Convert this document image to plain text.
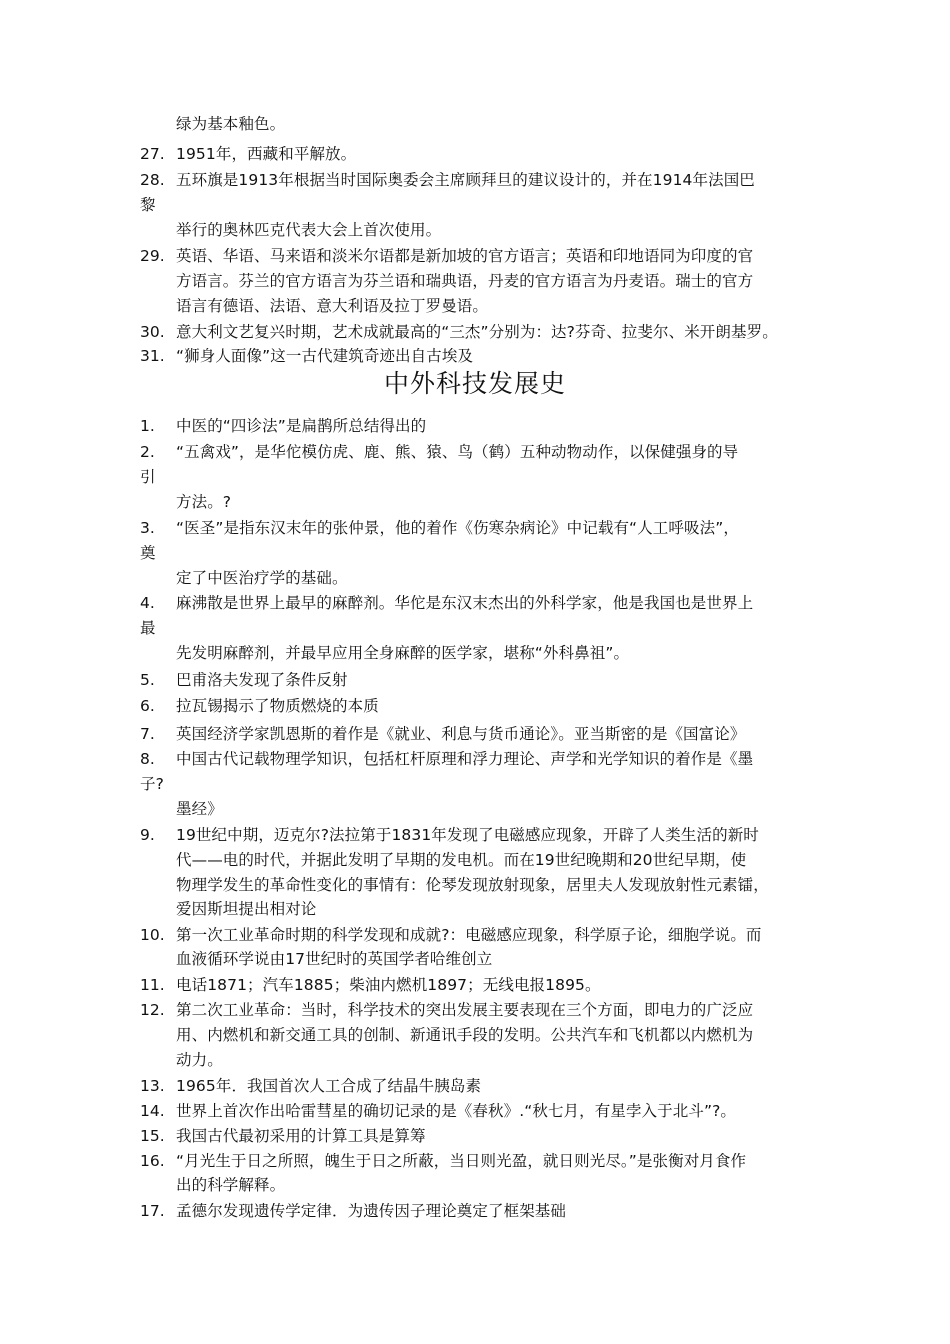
绿为基本釉色。
27. 1951年，西藏和平解放。
28. 五环旗是1913年根据当时国际奥委会主席顾拜旦的建议设计的，并在1914年法国巴
黎
举行的奥林匹克代表大会上首次使用。
29. 英语、华语、马来语和淡米尔语都是新加坡的官方语言；英语和印地语同为印度的官
方语言。芬兰的官方语言为芬兰语和瑞典语，丹麦的官方语言为丹麦语。瑞士的官方
语言有德语、法语、意大利语及拉丁罗曼语。
30. 意大利文艺复兴时期，艺术成就最高的“三杰”分别为：达?芬奇、拉斐尔、米开朗基罗。
31. “狮身人面像”这一古代建筑奇迹出自古埃及
中外科技发展史
1. 中医的“四诊法”是扁鹊所总结得出的
2. “五禽戏”，是华佗模仿虎、鹿、熊、猿、鸟（鹤）五种动物动作，以保健强身的导
引
方法。?
3. “医圣”是指东汉末年的张仲景，他的着作《伤寒杂病论》中记载有“人工呼吸法”，
奠
定了中医治疗学的基础。
4. 麻沸散是世界上最早的麻醉剂。华佗是东汉末杰出的外科学家，他是我国也是世界上
最
先发明麻醉剂，并最早应用全身麻醉的医学家，堪称“外科鼻祖”。
5. 巴甫洛夫发现了条件反射
6. 拉瓦锡揭示了物质燃烧的本质
7. 英国经济学家凯恩斯的着作是《就业、利息与货币通论》。亚当斯密的是《国富论》
8. 中国古代记载物理学知识，包括杠杆原理和浮力理论、声学和光学知识的着作是《墨
子?
墨经》
9. 19世纪中期，迈克尔?法拉第于1831年发现了电磁感应现象，开辟了人类生活的新时
代——电的时代，并据此发明了早期的发电机。而在19世纪晚期和20世纪早期，使
物理学发生的革命性变化的事情有：伦琴发现放射现象，居里夫人发现放射性元素镭，
爱因斯坦提出相对论
10. 第一次工业革命时期的科学发现和成就?：电磁感应现象，科学原子论，细胞学说。而
血液循环学说由17世纪时的英国学者哈维创立
11. 电话1871；汽车1885；柴油内燃机1897；无线电报1895。
12. 第二次工业革命：当时，科学技术的突出发展主要表现在三个方面，即电力的广泛应
用、内燃机和新交通工具的创制、新通讯手段的发明。公共汽车和飞机都以内燃机为
动力。
13. 1965年．我国首次人工合成了结晶牛胰岛素
14. 世界上首次作出哈雷彗星的确切记录的是《春秋》.“秋七月，有星孛入于北斗”?。
15. 我国古代最初采用的计算工具是算筹
16. “月光生于日之所照，魄生于日之所蔽，当日则光盈，就日则光尽。”是张衡对月食作
出的科学解释。
17. 孟德尔发现遗传学定律．为遗传因子理论奠定了框架基础
